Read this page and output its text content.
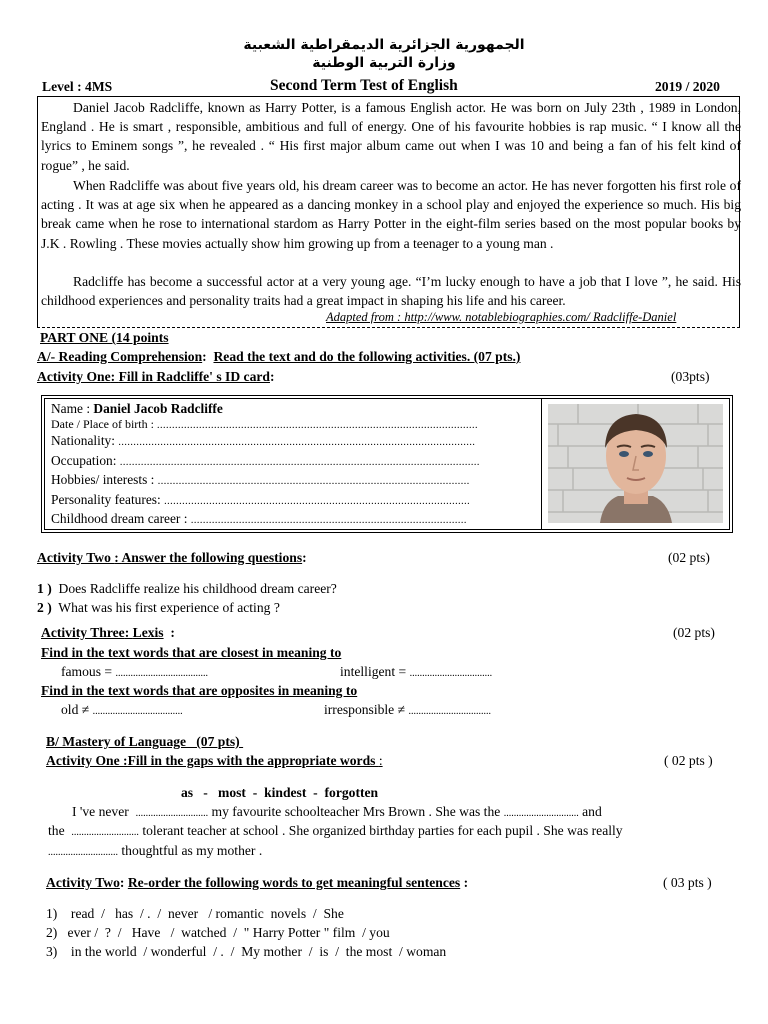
الجمهورية الجزائرية الديمقراطية الشعبية
وزارة التربية الوطنية
Level : 4MS	Second Term Test of English	2019 / 2020
Daniel Jacob Radcliffe, known as Harry Potter, is a famous English actor. He was born on July 23th , 1989 in London, England . He is smart , responsible, ambitious and full of energy. One of his favourite hobbies is rap music. “ I know all the lyrics to Eminem songs ”, he revealed . “ His first major album came out when I was 10 and being a fan of his felt kind of rogue” , he said.
When Radcliffe was about five years old, his dream career was to become an actor. He has never forgotten his first role of acting . It was at age six when he appeared as a dancing monkey in a school play and enjoyed the experience so much. His big break came when he rose to international stardom as Harry Potter in the eight-film series based on the most popular books by J.K . Rowling . These movies actually show him growing up from a teenager to a young man .
Radcliffe has become a successful actor at a very young age. “I’m lucky enough to have a job that I love ”, he said. His childhood experiences and personality traits had a great impact in shaping his life and his career.
Adapted from : http://www. notablebiographies.com/ Radcliffe-Daniel
PART ONE (14 points
A/- Reading Comprehension:  Read the text and do the following activities. (07 pts.)
Activity One: Fill in Radcliffe' s ID card:	(03pts)
Name : Daniel Jacob Radcliffe
Date / Place of birth : ...........................................................................................................
Nationality: .......................................................................................................................
Occupation: ........................................................................................................................
Hobbies/ interests : ........................................................................................................
Personality features: ......................................................................................................
Childhood dream career : ............................................................................................
Activity Two : Answer the following questions:	(02 pts)
1 ) Does Radcliffe realize his childhood dream career?
2 ) What was his first experience of acting ?
Activity Three: Lexis  :	(02 pts)
Find in the text words that are closest in meaning to
famous = .....................................	intelligent = .................................
Find in the text words that are opposites in meaning to
old ≠ ....................................	irresponsible ≠ .................................
B/ Mastery of Language   (07 pts)
Activity One :Fill in the gaps with the appropriate words :	( 02 pts )
as   -   most  -  kindest  -  forgotten
I 've never ............................. my favourite schoolteacher Mrs Brown . She was the .............................. and
the ........................... tolerant teacher at school . She organized birthday parties for each pupil . She was really
............................ thoughtful as my mother .
Activity Two: Re-order the following words to get meaningful sentences :	( 03 pts )
1) read  /   has  / .  /  never   / romantic  novels  /  She
2) ever /  ?  /   Have   /  watched  /  " Harry Potter " film  / you
3) in the world  / wonderful  / .  /  My mother  /  is  /  the most  / woman
